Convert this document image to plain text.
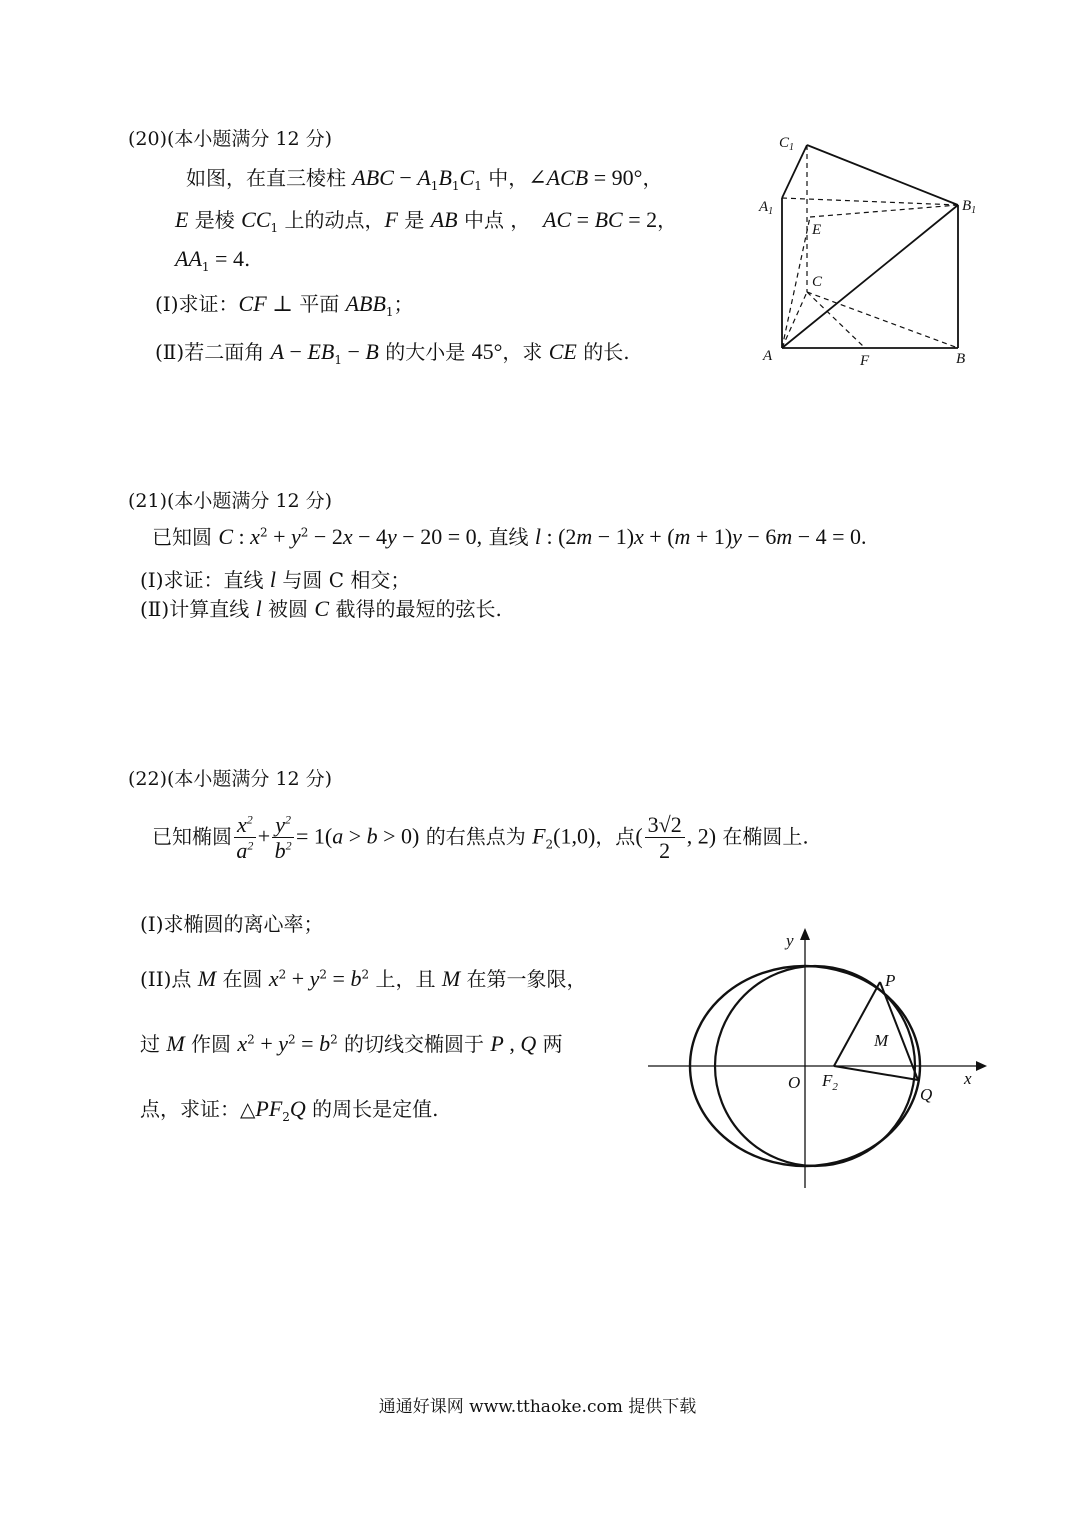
(20)(本小题满分 12 分)
如图，在直三棱柱 ABC − $A_1B_1C_1$ 中，∠ACB = 90°，
E 是棱 $CC_1$ 上的动点，F 是 AB 中点 ， AC = BC = 2，
$AA_1 = 4$.
(Ⅰ)求证：CF ⊥ 平面 $ABB_1$；
(Ⅱ)若二面角 $A - EB_1 - B$ 的大小是 45°，求 CE 的长.
$C_1$
$A_1$	$B_1$
E
C
A	F	B
(21)(本小题满分 12 分)
已知圆 C : $x^2 + y^2 - 2x - 4y - 20 = 0$, 直线 l : (2m − 1)x + (m + 1)y − 6m − 4 = 0.
(Ⅰ)求证：直线 l 与圆 C 相交；
(Ⅱ)计算直线 l 被圆 C 截得的最短的弦长.
(22)(本小题满分 12 分)
已知椭圆 $\frac{x^2}{a^2} + \frac{y^2}{b^2} = 1(a > b > 0)$ 的右焦点为 $F_2(1,0)$，点( $\frac{3√2}{2}$ , 2) 在椭圆上.
(I)求椭圆的离心率；
(II)点 M 在圆 $x^2 + y^2 = b^2$ 上，且 M 在第一象限，
过 M 作圆 $x^2 + y^2 = b^2$ 的切线交椭圆于 P , Q 两
点，求证：$\triangle PF_2Q$ 的周长是定值.
y
x
P
M
O $F_2$	Q
通通好课网 www.tthaoke.com 提供下载
